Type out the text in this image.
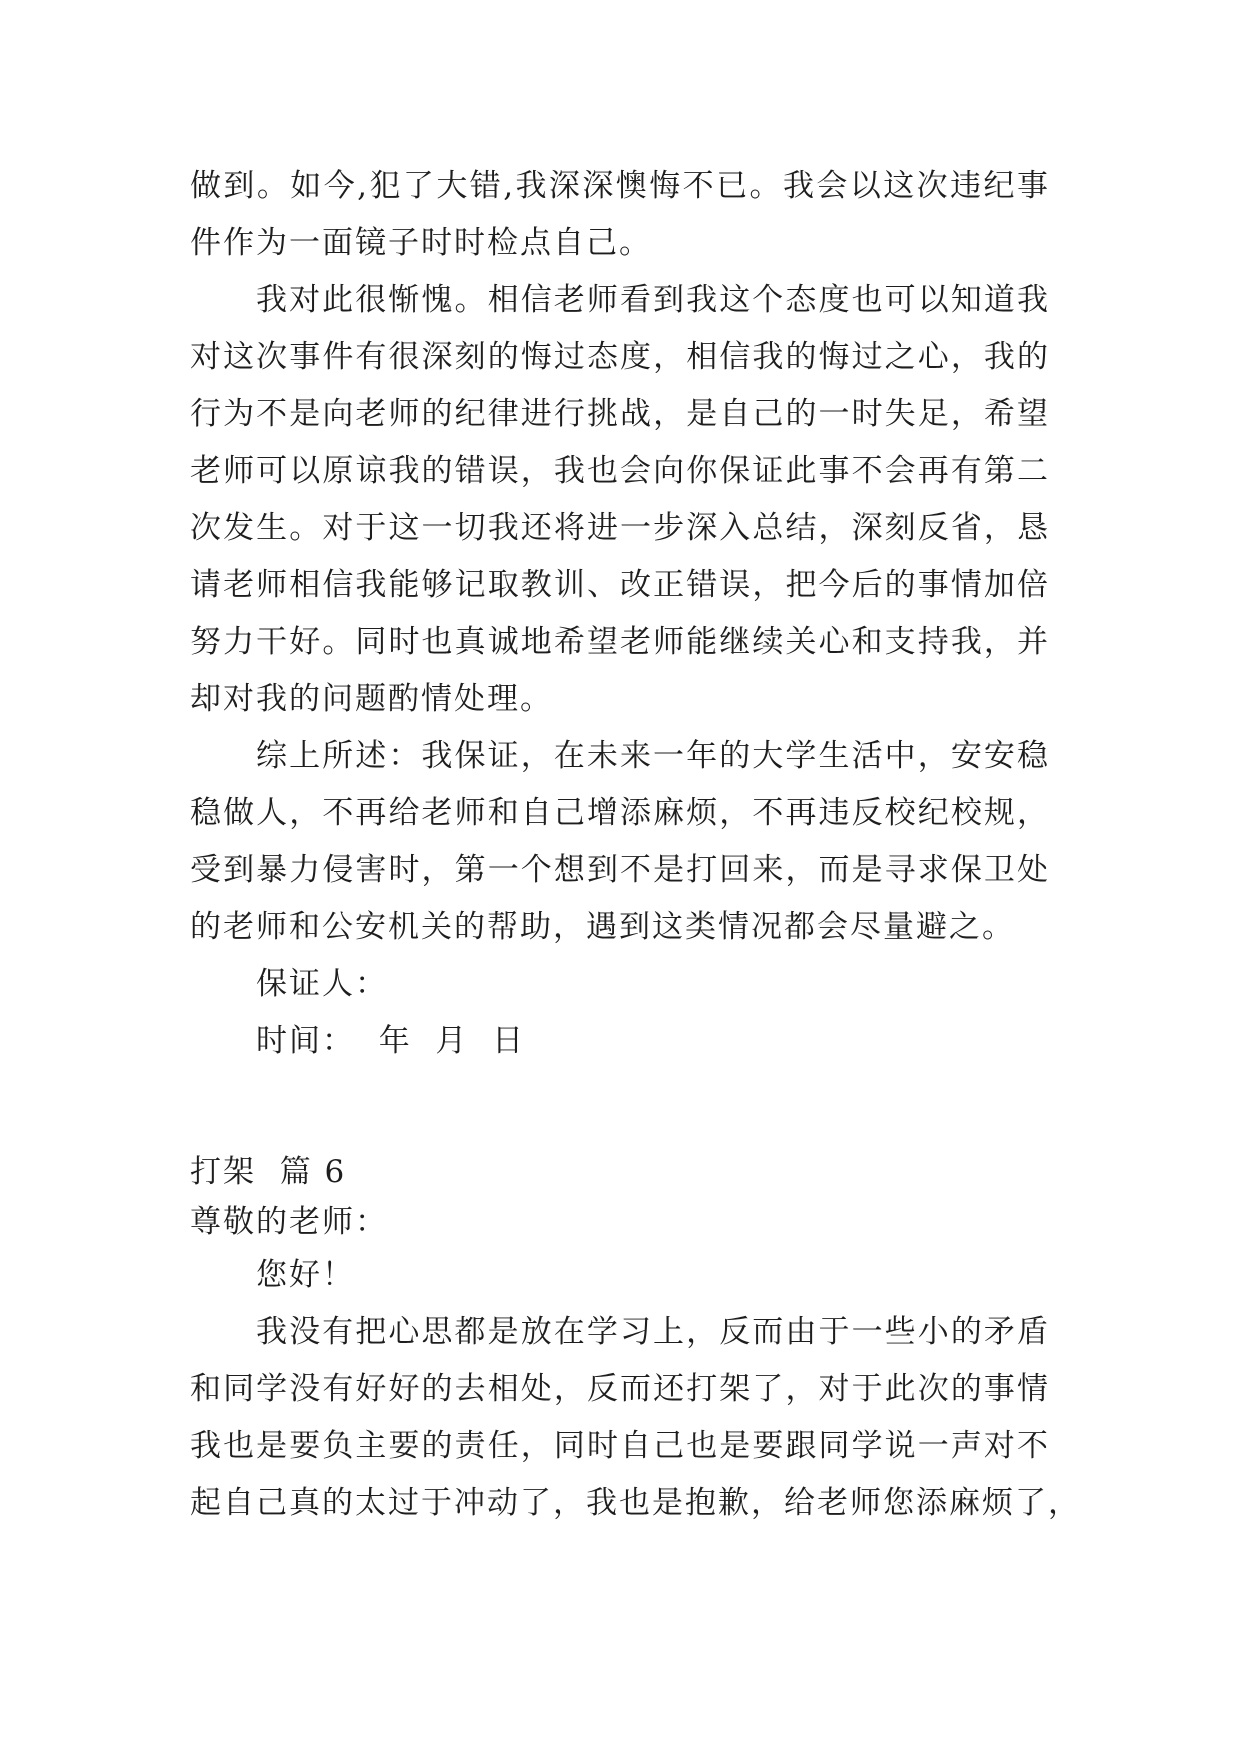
做到。如今,犯了大错,我深深懊悔不已。我会以这次违纪事
件作为一面镜子时时检点自己。
我对此很惭愧。相信老师看到我这个态度也可以知道我
对这次事件有很深刻的悔过态度，相信我的悔过之心，我的
行为不是向老师的纪律进行挑战，是自己的一时失足，希望
老师可以原谅我的错误，我也会向你保证此事不会再有第二
次发生。对于这一切我还将进一步深入总结，深刻反省，恳
请老师相信我能够记取教训、改正错误，把今后的事情加倍
努力干好。同时也真诚地希望老师能继续关心和支持我，并
却对我的问题酌情处理。
综上所述：我保证，在未来一年的大学生活中，安安稳
稳做人，不再给老师和自己增添麻烦，不再违反校纪校规，
受到暴力侵害时，第一个想到不是打回来，而是寻求保卫处
的老师和公安机关的帮助，遇到这类情况都会尽量避之。
保证人：
时间：  年  月  日
打架  篇 6
尊敬的老师：
您好！
我没有把心思都是放在学习上，反而由于一些小的矛盾
和同学没有好好的去相处，反而还打架了，对于此次的事情
我也是要负主要的责任，同时自己也是要跟同学说一声对不
起自己真的太过于冲动了，我也是抱歉，给老师您添麻烦了，
